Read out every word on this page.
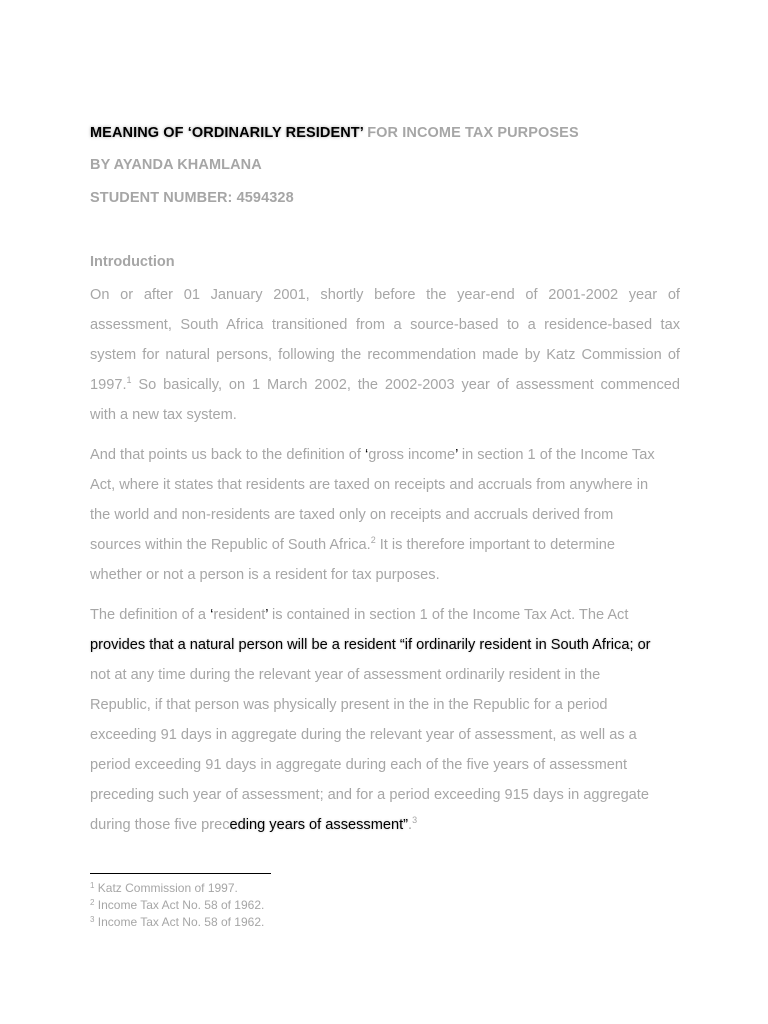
MEANING OF ‘ORDINARILY RESIDENT’ FOR INCOME TAX PURPOSES
BY AYANDA KHAMLANA
STUDENT NUMBER: 4594328
Introduction
On or after 01 January 2001, shortly before the year-end of 2001-2002 year of
assessment, South Africa transitioned from a source-based to a residence-based tax
system for natural persons, following the recommendation made by Katz Commission of
1997.$^1$ So basically, on 1 March 2002, the 2002-2003 year of assessment commenced
with a new tax system.
And that points us back to the definition of ‘gross income’ in section 1 of the Income Tax
Act, where it states that residents are taxed on receipts and accruals from anywhere in
the world and non-residents are taxed only on receipts and accruals derived from
sources within the Republic of South Africa.$^2$ It is therefore important to determine
whether or not a person is a resident for tax purposes.
The definition of a ‘resident’ is contained in section 1 of the Income Tax Act. The Act
provides that a natural person will be a resident “if ordinarily resident in South Africa; or
not at any time during the relevant year of assessment ordinarily resident in the
Republic, if that person was physically present in the in the Republic for a period
exceeding 91 days in aggregate during the relevant year of assessment, as well as a
period exceeding 91 days in aggregate during each of the five years of assessment
preceding such year of assessment; and for a period exceeding 915 days in aggregate
during those five preceding years of assessment”.$^3$
$^1$ Katz Commission of 1997.
$^2$ Income Tax Act No. 58 of 1962.
$^3$ Income Tax Act No. 58 of 1962.
